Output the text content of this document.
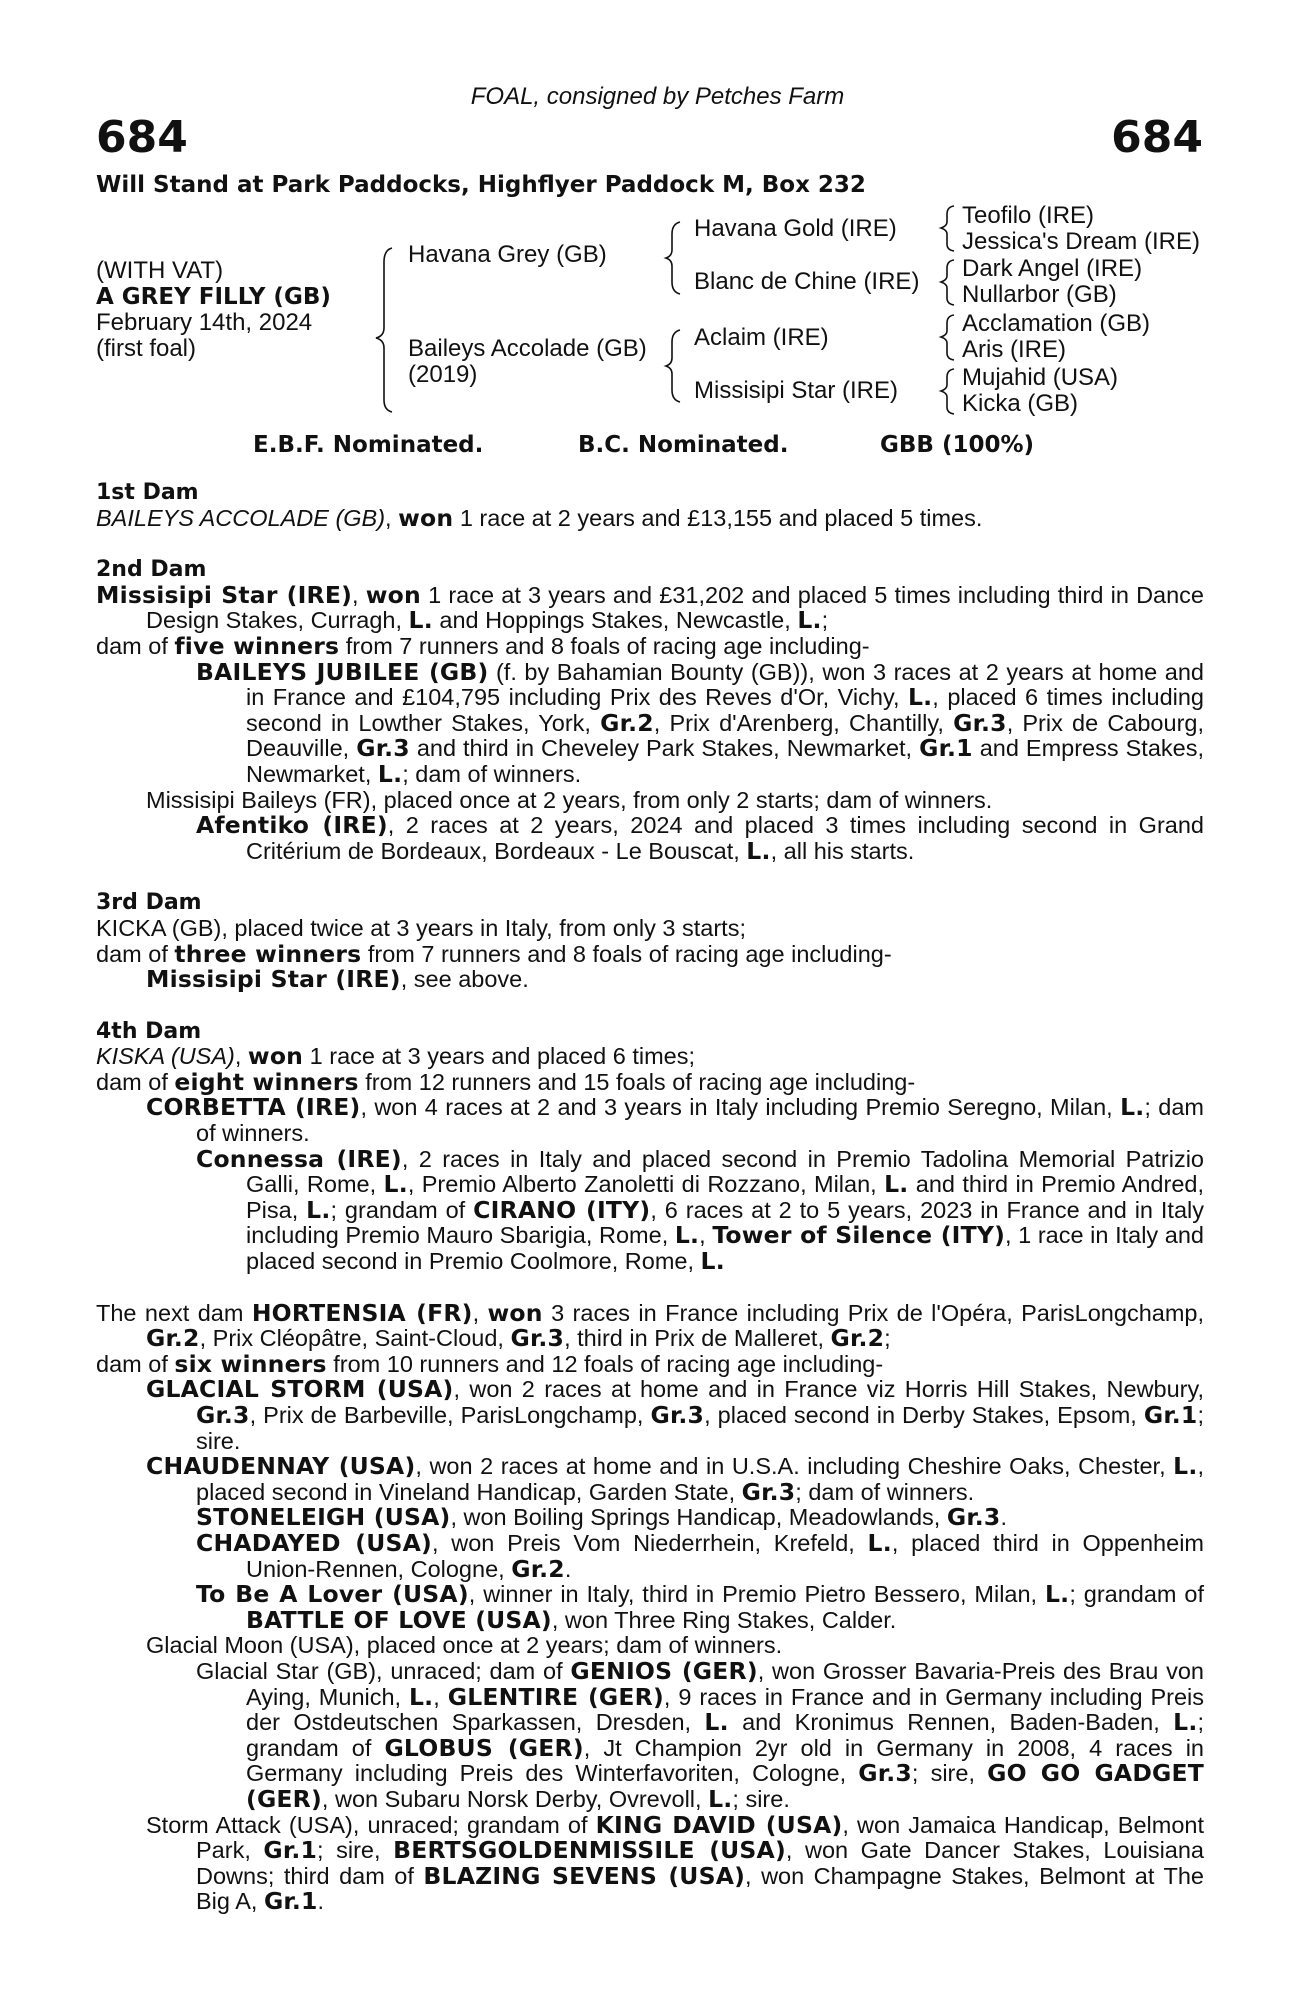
FOAL, consigned by Petches Farm
684	684
Will Stand at Park Paddocks, Highflyer Paddock M, Box 232
(WITH VAT)
A GREY FILLY (GB)
February 14th, 2024
(first foal)
Havana Grey (GB)
Baileys Accolade (GB)
(2019)
Havana Gold (IRE)
Blanc de Chine (IRE)
Aclaim (IRE)
Missisipi Star (IRE)
Teofilo (IRE)
Jessica's Dream (IRE)
Dark Angel (IRE)
Nullarbor (GB)
Acclamation (GB)
Aris (IRE)
Mujahid (USA)
Kicka (GB)
E.B.F. Nominated.	B.C. Nominated.	GBB (100%)
1st Dam
BAILEYS ACCOLADE (GB), won 1 race at 2 years and £13,155 and placed 5 times.
2nd Dam
Missisipi Star (IRE), won 1 race at 3 years and £31,202 and placed 5 times including third in Dance Design Stakes, Curragh, L. and Hoppings Stakes, Newcastle, L.;
dam of five winners from 7 runners and 8 foals of racing age including-
BAILEYS JUBILEE (GB) (f. by Bahamian Bounty (GB)), won 3 races at 2 years at home and in France and £104,795 including Prix des Reves d'Or, Vichy, L., placed 6 times including second in Lowther Stakes, York, Gr.2, Prix d'Arenberg, Chantilly, Gr.3, Prix de Cabourg, Deauville, Gr.3 and third in Cheveley Park Stakes, Newmarket, Gr.1 and Empress Stakes, Newmarket, L.; dam of winners.
Missisipi Baileys (FR), placed once at 2 years, from only 2 starts; dam of winners.
Afentiko (IRE), 2 races at 2 years, 2024 and placed 3 times including second in Grand Critérium de Bordeaux, Bordeaux - Le Bouscat, L., all his starts.
3rd Dam
KICKA (GB), placed twice at 3 years in Italy, from only 3 starts;
dam of three winners from 7 runners and 8 foals of racing age including-
Missisipi Star (IRE), see above.
4th Dam
KISKA (USA), won 1 race at 3 years and placed 6 times;
dam of eight winners from 12 runners and 15 foals of racing age including-
CORBETTA (IRE), won 4 races at 2 and 3 years in Italy including Premio Seregno, Milan, L.; dam of winners.
Connessa (IRE), 2 races in Italy and placed second in Premio Tadolina Memorial Patrizio Galli, Rome, L., Premio Alberto Zanoletti di Rozzano, Milan, L. and third in Premio Andred, Pisa, L.; grandam of CIRANO (ITY), 6 races at 2 to 5 years, 2023 in France and in Italy including Premio Mauro Sbarigia, Rome, L., Tower of Silence (ITY), 1 race in Italy and placed second in Premio Coolmore, Rome, L.
The next dam HORTENSIA (FR), won 3 races in France including Prix de l'Opéra, ParisLongchamp, Gr.2, Prix Cléopâtre, Saint-Cloud, Gr.3, third in Prix de Malleret, Gr.2;
dam of six winners from 10 runners and 12 foals of racing age including-
GLACIAL STORM (USA), won 2 races at home and in France viz Horris Hill Stakes, Newbury, Gr.3, Prix de Barbeville, ParisLongchamp, Gr.3, placed second in Derby Stakes, Epsom, Gr.1; sire.
CHAUDENNAY (USA), won 2 races at home and in U.S.A. including Cheshire Oaks, Chester, L., placed second in Vineland Handicap, Garden State, Gr.3; dam of winners.
STONELEIGH (USA), won Boiling Springs Handicap, Meadowlands, Gr.3.
CHADAYED (USA), won Preis Vom Niederrhein, Krefeld, L., placed third in Oppenheim Union-Rennen, Cologne, Gr.2.
To Be A Lover (USA), winner in Italy, third in Premio Pietro Bessero, Milan, L.; grandam of BATTLE OF LOVE (USA), won Three Ring Stakes, Calder.
Glacial Moon (USA), placed once at 2 years; dam of winners.
Glacial Star (GB), unraced; dam of GENIOS (GER), won Grosser Bavaria-Preis des Brau von Aying, Munich, L., GLENTIRE (GER), 9 races in France and in Germany including Preis der Ostdeutschen Sparkassen, Dresden, L. and Kronimus Rennen, Baden-Baden, L.; grandam of GLOBUS (GER), Jt Champion 2yr old in Germany in 2008, 4 races in Germany including Preis des Winterfavoriten, Cologne, Gr.3; sire, GO GO GADGET (GER), won Subaru Norsk Derby, Ovrevoll, L.; sire.
Storm Attack (USA), unraced; grandam of KING DAVID (USA), won Jamaica Handicap, Belmont Park, Gr.1; sire, BERTSGOLDENMISSILE (USA), won Gate Dancer Stakes, Louisiana Downs; third dam of BLAZING SEVENS (USA), won Champagne Stakes, Belmont at The Big A, Gr.1.
